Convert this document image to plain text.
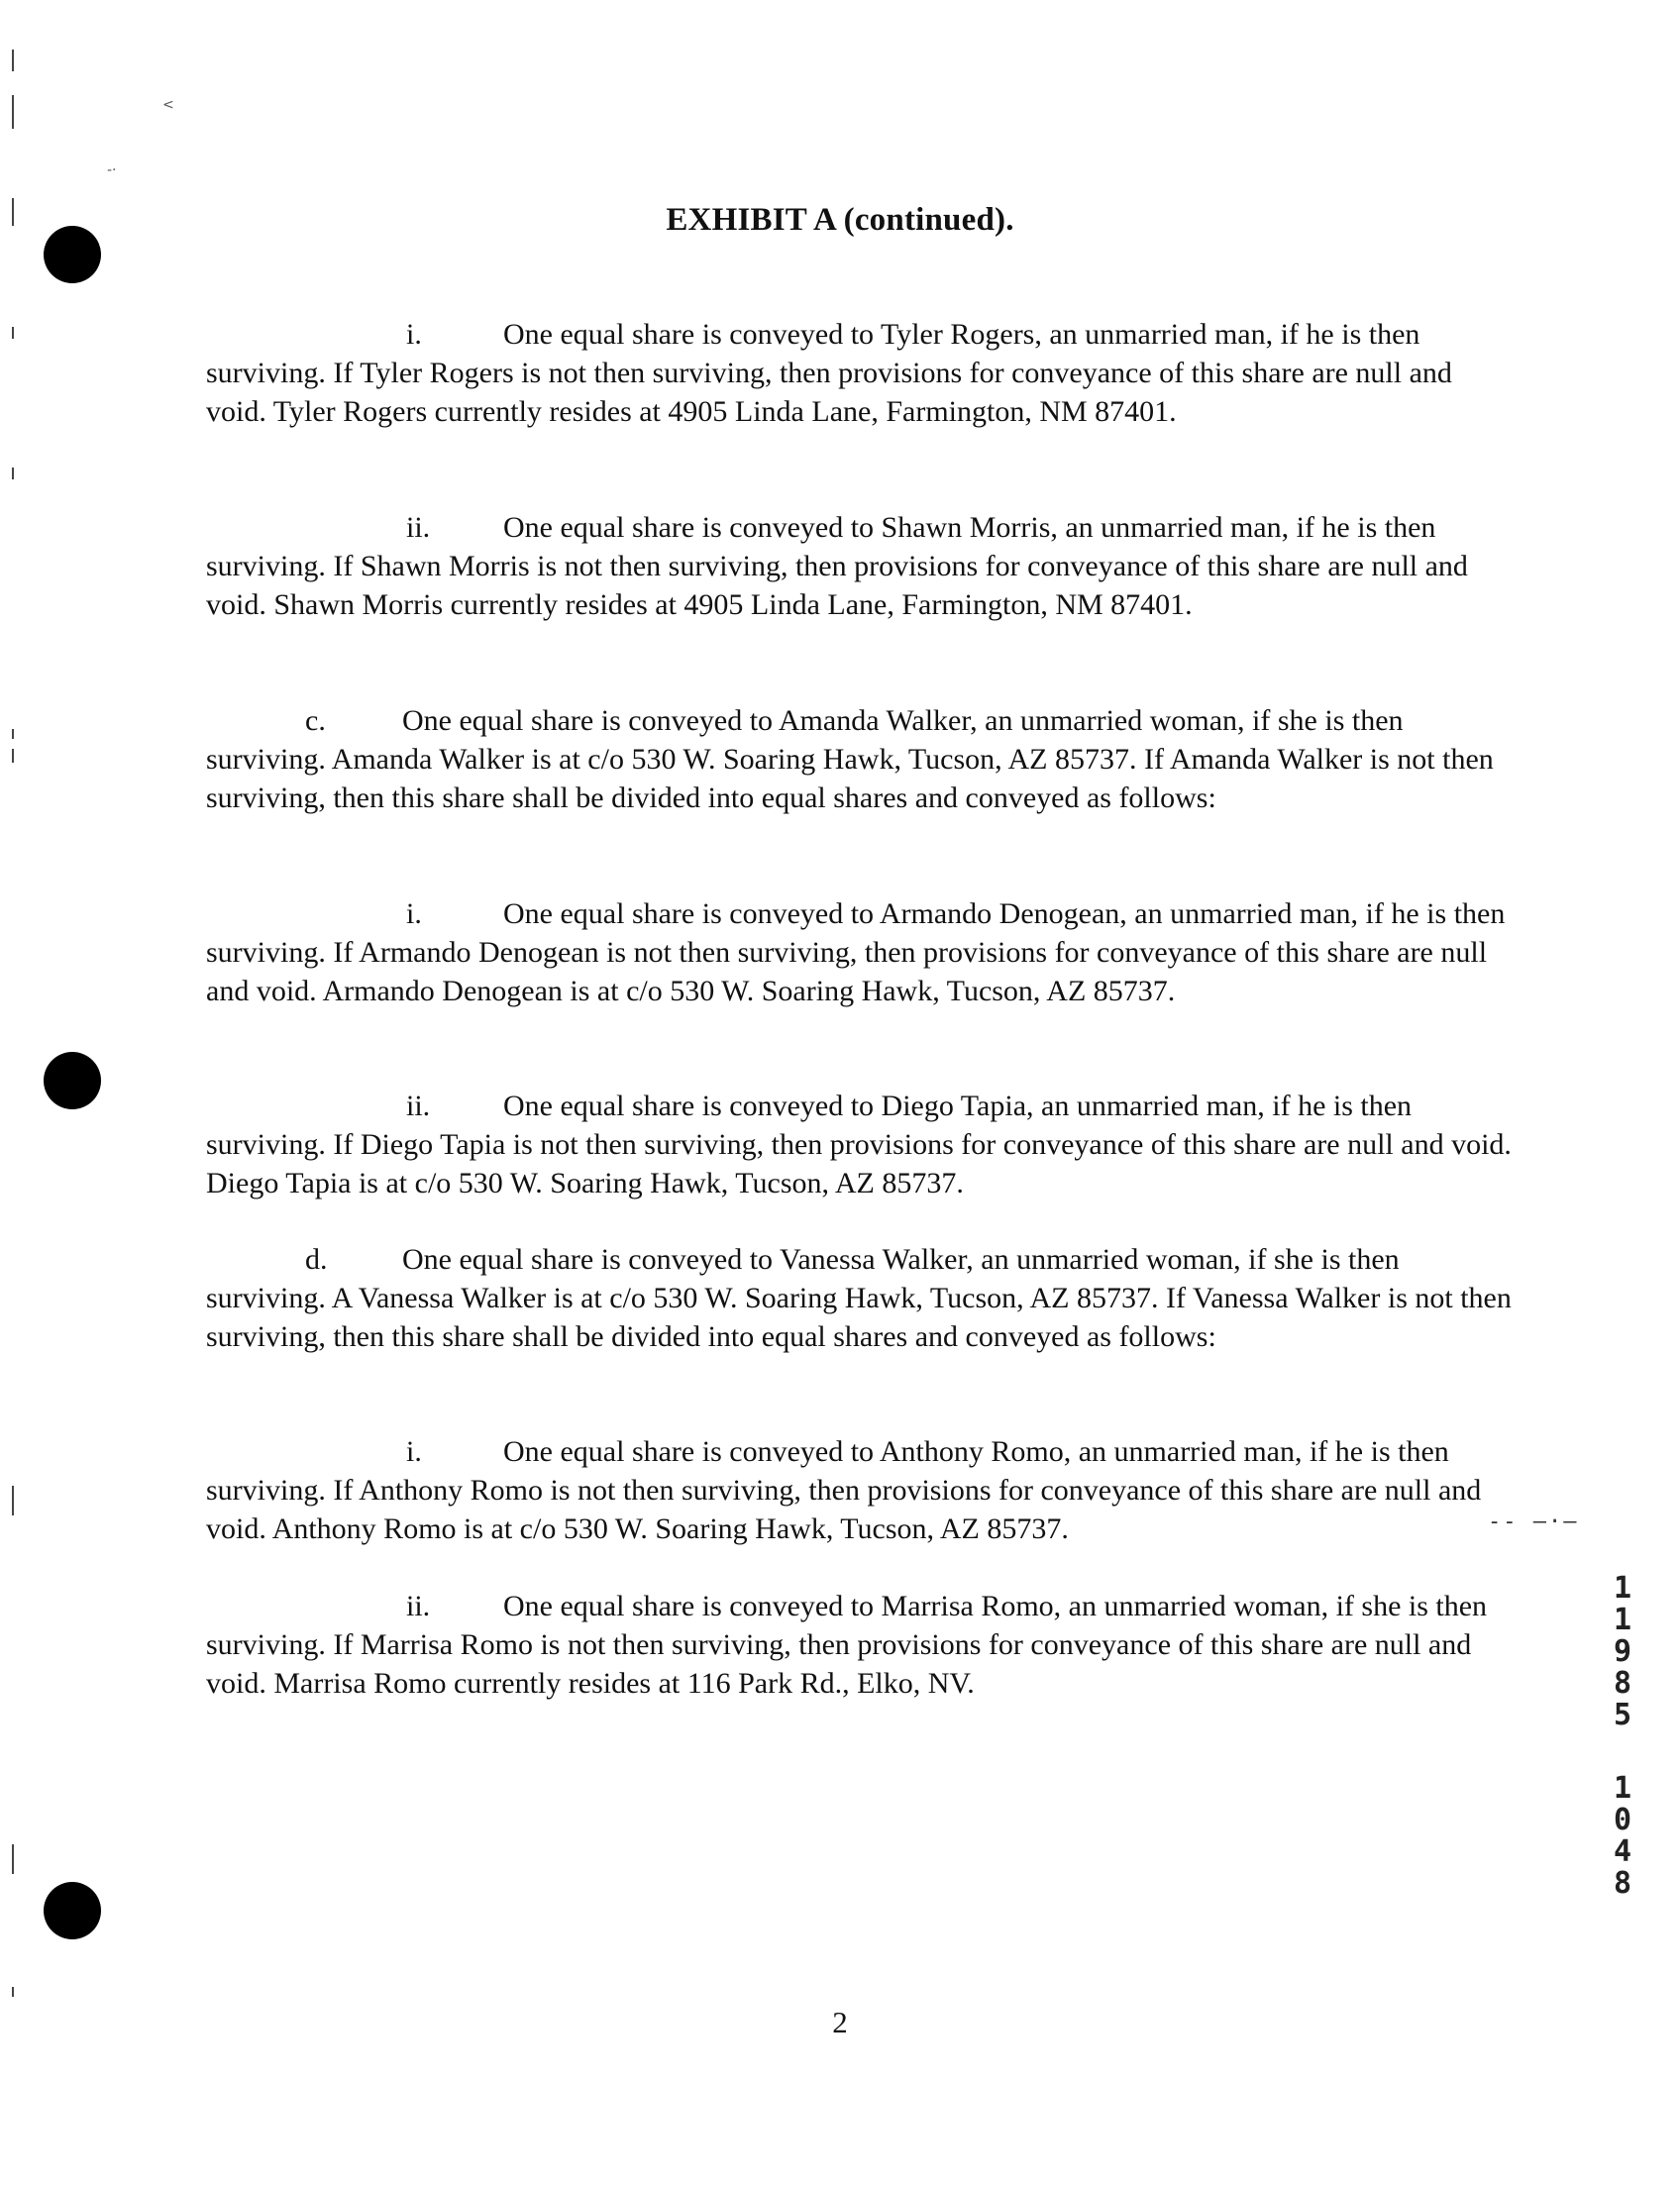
<
-·
EXHIBIT A (continued).

i.	One equal share is conveyed to Tyler Rogers, an unmarried man, if he is then surviving. If Tyler Rogers is not then surviving, then provisions for conveyance of this share are null and void. Tyler Rogers currently resides at 4905 Linda Lane, Farmington, NM 87401.

ii. One equal share is conveyed to Shawn Morris, an unmarried man, if he is then surviving. If Shawn Morris is not then surviving, then provisions for conveyance of this share are null and void. Shawn Morris currently resides at 4905 Linda Lane, Farmington, NM 87401.

c.	One equal share is conveyed to Amanda Walker, an unmarried woman, if she is then surviving. Amanda Walker is at c/o 530 W. Soaring Hawk, Tucson, AZ 85737. If Amanda Walker is not then surviving, then this share shall be divided into equal shares and conveyed as follows:

i.	One equal share is conveyed to Armando Denogean, an unmarried man, if he is then surviving. If Armando Denogean is not then surviving, then provisions for conveyance of this share are null and void. Armando Denogean is at c/o 530 W. Soaring Hawk, Tucson, AZ 85737.

ii. One equal share is conveyed to Diego Tapia, an unmarried man, if he is then surviving. If Diego Tapia is not then surviving, then provisions for conveyance of this share are null and void. Diego Tapia is at c/o 530 W. Soaring Hawk, Tucson, AZ 85737.

d.	One equal share is conveyed to Vanessa Walker, an unmarried woman, if she is then surviving. A Vanessa Walker is at c/o 530 W. Soaring Hawk, Tucson, AZ 85737. If Vanessa Walker is not then surviving, then this share shall be divided into equal shares and conveyed as follows:

i.	One equal share is conveyed to Anthony Romo, an unmarried man, if he is then surviving. If Anthony Romo is not then surviving, then provisions for conveyance of this share are null and void. Anthony Romo is at c/o 530 W. Soaring Hawk, Tucson, AZ 85737.

ii. One equal share is conveyed to Marrisa Romo, an unmarried woman, if she is then surviving. If Marrisa Romo is not then surviving, then provisions for conveyance of this share are null and void. Marrisa Romo currently resides at 116 Park Rd., Elko, NV.

-- —·—
1
1
9
8
5
1
0
4
8
2
